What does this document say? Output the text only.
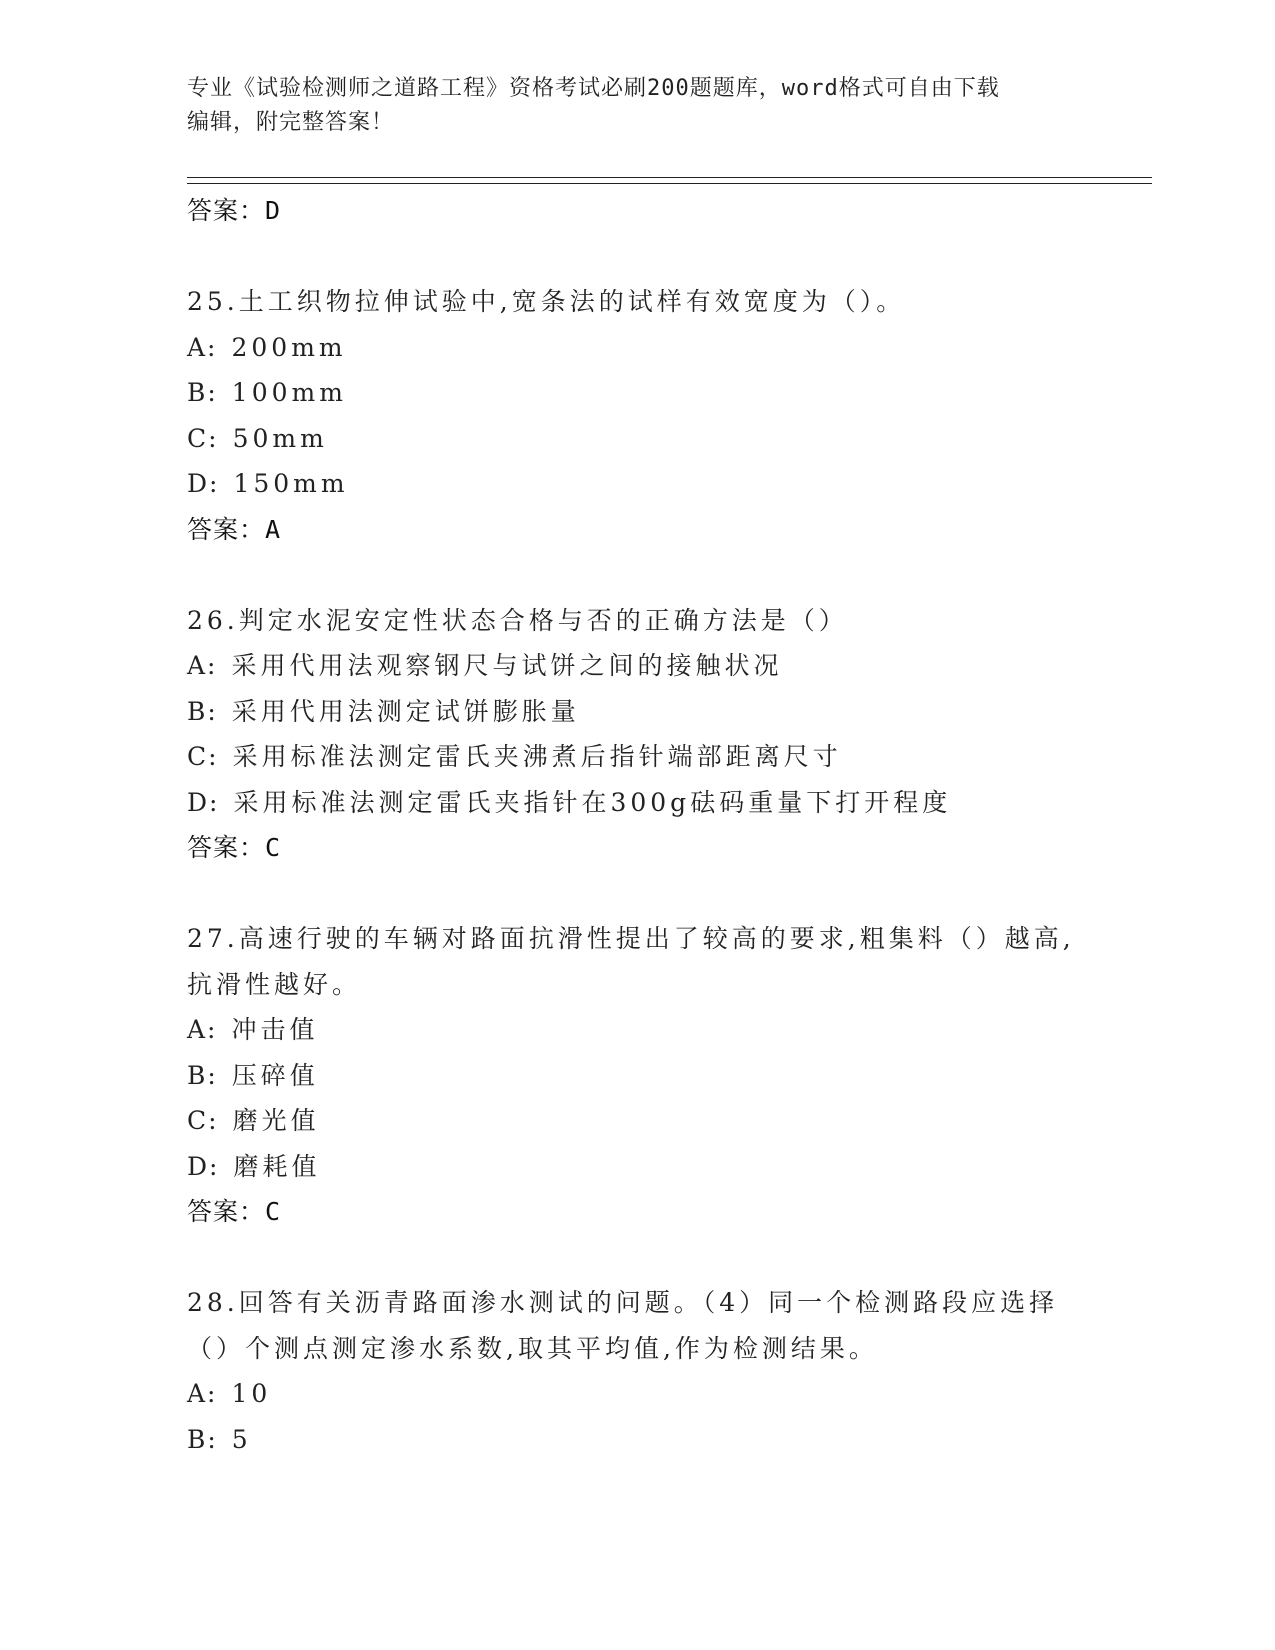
专业《试验检测师之道路工程》资格考试必刷200题题库，word格式可自由下载
编辑，附完整答案！
答案：D
25.土工织物拉伸试验中,宽条法的试样有效宽度为（）。
A: 200mm
B: 100mm
C: 50mm
D: 150mm
答案：A
26.判定水泥安定性状态合格与否的正确方法是（）
A: 采用代用法观察钢尺与试饼之间的接触状况
B: 采用代用法测定试饼膨胀量
C: 采用标准法测定雷氏夹沸煮后指针端部距离尺寸
D: 采用标准法测定雷氏夹指针在300g砝码重量下打开程度
答案：C
27.高速行驶的车辆对路面抗滑性提出了较高的要求,粗集料（）越高,
抗滑性越好。
A: 冲击值
B: 压碎值
C: 磨光值
D: 磨耗值
答案：C
28.回答有关沥青路面渗水测试的问题。（4）同一个检测路段应选择
（）个测点测定渗水系数,取其平均值,作为检测结果。
A: 10
B: 5
